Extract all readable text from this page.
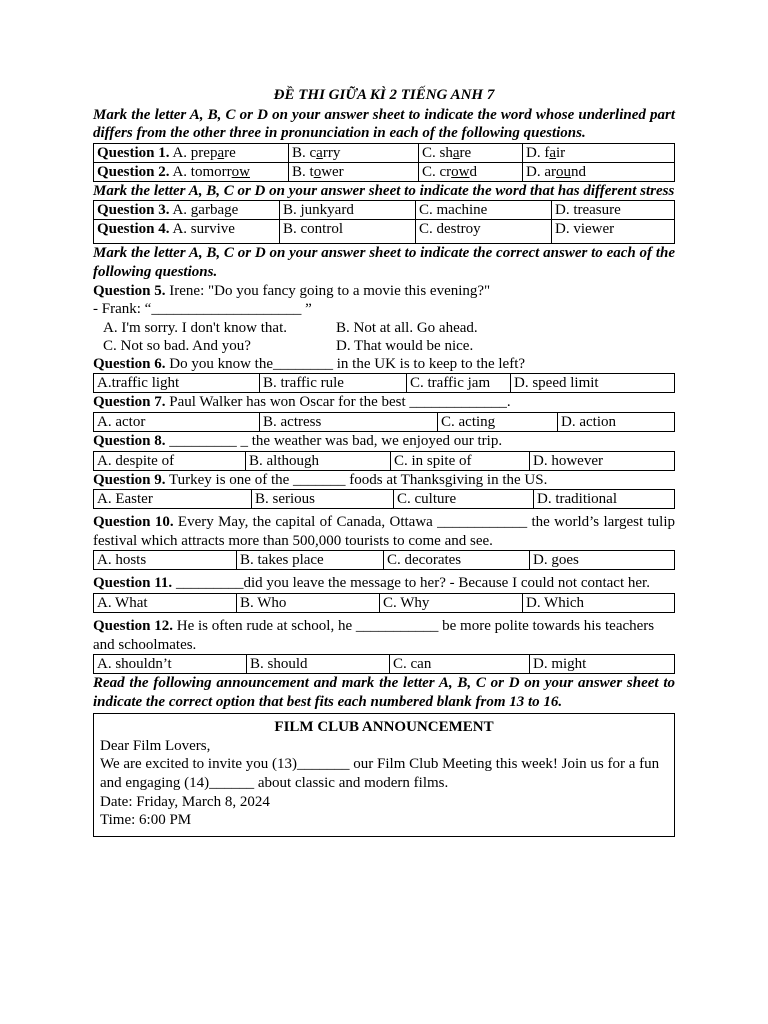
ĐỀ THI GIỮA KÌ 2 TIẾNG ANH 7
Mark the letter A, B, C or D on your answer sheet to indicate the word whose underlined part differs from the other three in pronunciation in each of the following questions.
Question 1. A. prepare	B. carry	C. share	D. fair
Question 2. A. tomorrow	B. tower	C. crowd	D. around
Mark the letter A, B, C or D on your answer sheet to indicate the word that has different stress
Question 3. A. garbage	B. junkyard	C. machine	D. treasure
Question 4. A. survive	B. control	C. destroy	D. viewer
Mark the letter A, B, C or D on your answer sheet to indicate the correct answer to each of the following questions.
Question 5. Irene: "Do you fancy going to a movie this evening?"
- Frank: “____________________ ”
A. I'm sorry. I don't know that.	B. Not at all. Go ahead.
C. Not so bad. And you?	D. That would be nice.
Question 6. Do you know the________ in the UK is to keep to the left?
A.traffic light	B. traffic rule	C. traffic jam	D. speed limit
Question 7. Paul Walker has won Oscar for the best _____________.
A. actor	B. actress	C. acting	D. action
Question 8. _________ _ the weather was bad, we enjoyed our trip.
A. despite of	B. although	C. in spite of	D. however
Question 9. Turkey is one of the _______ foods at Thanksgiving in the US.
A. Easter	B. serious	C. culture	D. traditional
Question 10. Every May, the capital of Canada, Ottawa ____________ the world’s largest tulip festival which attracts more than 500,000 tourists to come and see.
A. hosts	B. takes place	C. decorates	D. goes
Question 11. _________did you leave the message to her? - Because I could not contact her.
A. What	B. Who	C. Why	D. Which
Question 12. He is often rude at school, he ___________ be more polite towards his teachers
and schoolmates.
A. shouldn’t	B. should	C. can	D. might
Read the following announcement and mark the letter A, B, C or D on your answer sheet to indicate the correct option that best fits each numbered blank from 13 to 16.
FILM CLUB ANNOUNCEMENT
Dear Film Lovers,
We are excited to invite you (13)_______ our Film Club Meeting this week! Join us for a fun and engaging (14)______ about classic and modern films.
Date: Friday, March 8, 2024
Time: 6:00 PM
